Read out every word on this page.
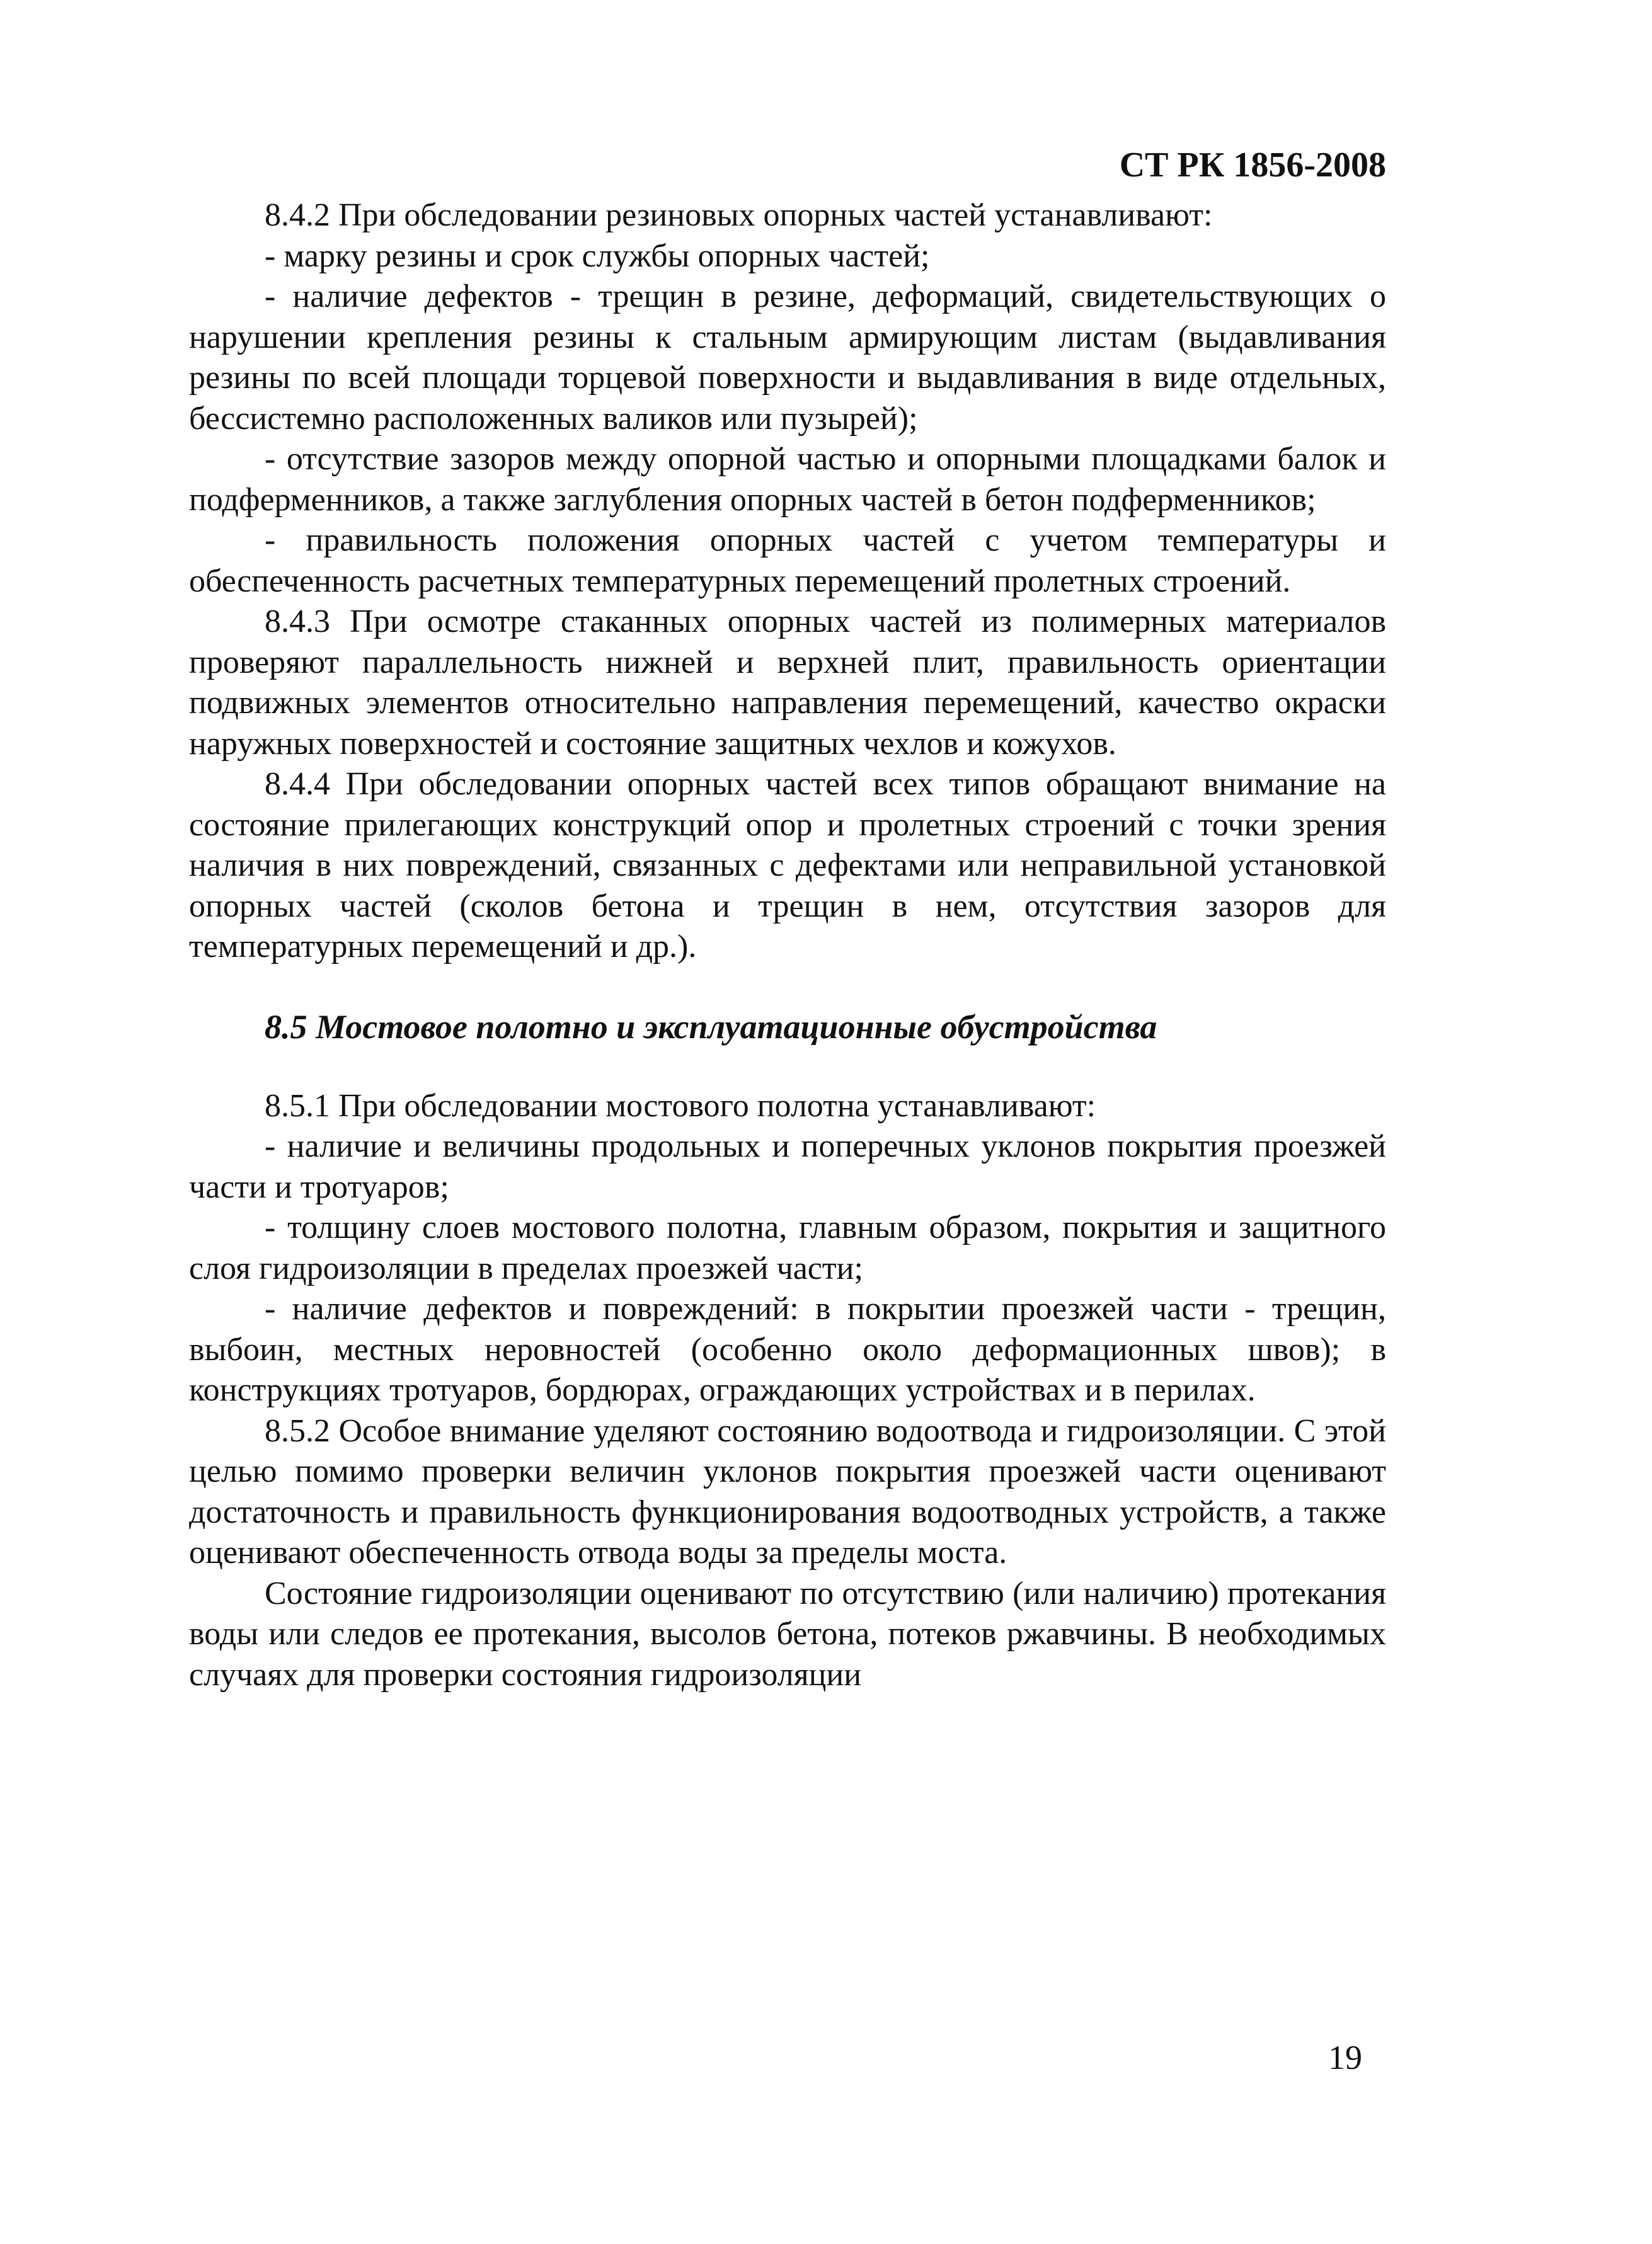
СТ РК 1856-2008

8.4.2 При обследовании резиновых опорных частей устанавливают:

- марку резины и срок службы опорных частей;

- наличие дефектов - трещин в резине, деформаций, свидетельствующих о нарушении крепления резины к стальным армирующим листам (выдавливания резины по всей площади торцевой поверхности и выдавливания в виде отдельных, бессистемно расположенных валиков или пузырей);

- отсутствие зазоров между опорной частью и опорными площадками балок и подферменников, а также заглубления опорных частей в бетон подферменников;

- правильность положения опорных частей с учетом температуры и обеспеченность расчетных температурных перемещений пролетных строений.

8.4.3 При осмотре стаканных опорных частей из полимерных материалов проверяют параллельность нижней и верхней плит, правильность ориентации подвижных элементов относительно направления перемещений, качество окраски наружных поверхностей и состояние защитных чехлов и кожухов.

8.4.4 При обследовании опорных частей всех типов обращают внимание на состояние прилегающих конструкций опор и пролетных строений с точки зрения наличия в них повреждений, связанных с дефектами или неправильной установкой опорных частей (сколов бетона и трещин в нем, отсутствия зазоров для температурных перемещений и др.).

8.5 Мостовое полотно и эксплуатационные обустройства

8.5.1 При обследовании мостового полотна устанавливают:

- наличие и величины продольных и поперечных уклонов покрытия проезжей части и тротуаров;

- толщину слоев мостового полотна, главным образом, покрытия и защитного слоя гидроизоляции в пределах проезжей части;

- наличие дефектов и повреждений: в покрытии проезжей части - трещин, выбоин, местных неровностей (особенно около деформационных швов); в конструкциях тротуаров, бордюрах, ограждающих устройствах и в перилах.

8.5.2 Особое внимание уделяют состоянию водоотвода и гидроизоляции. С этой целью помимо проверки величин уклонов покрытия проезжей части оценивают достаточность и правильность функционирования водоотводных устройств, а также оценивают обеспеченность отвода воды за пределы моста.

Состояние гидроизоляции оценивают по отсутствию (или наличию) протекания воды или следов ее протекания, высолов бетона, потеков ржавчины. В необходимых случаях для проверки состояния гидроизоляции

19
